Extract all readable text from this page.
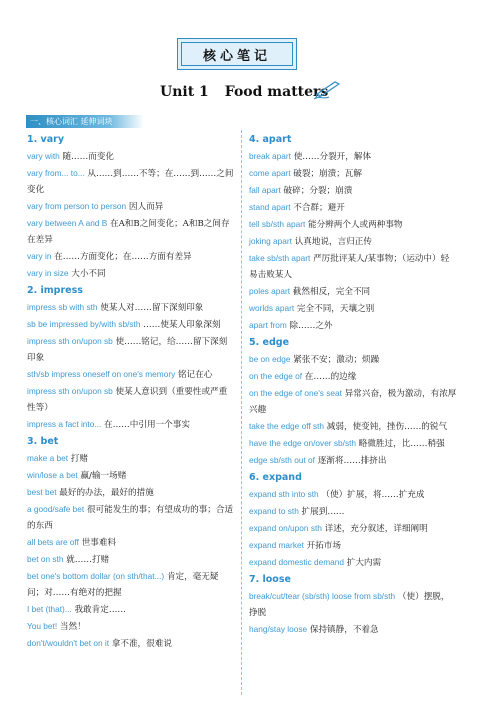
核心笔记
Unit 1 Food matters
一、核心词汇 延伸词块
1. vary
vary with 随……而变化
vary from... to... 从……到……不等；在……到……之间变化
vary from person to person 因人而异
vary between A and B 在A和B之间变化；A和B之间存在差异
vary in 在……方面变化；在……方面有差异
vary in size 大小不同
2. impress
impress sb with sth 使某人对……留下深刻印象
sb be impressed by/with sb/sth ……使某人印象深刻
impress sth on/upon sb 使……铭记，给……留下深刻印象
sth/sb impress oneself on one's memory 铭记在心
impress sth on/upon sb 使某人意识到（重要性或严重性等）
impress a fact into... 在……中引用一个事实
3. bet
make a bet 打赌
win/lose a bet 赢/输一场赌
best bet 最好的办法，最好的措施
a good/safe bet 很可能发生的事；有望成功的事；合适的东西
all bets are off 世事难料
bet on sth 就……打赌
bet one's bottom dollar (on sth/that...) 肯定，毫无疑问；对……有绝对的把握
I bet (that)... 我敢肯定……
You bet! 当然！
don't/wouldn't bet on it 拿不准，很难说
4. apart
break apart 使……分裂开，解体
come apart 破裂；崩溃；瓦解
fall apart 破碎；分裂；崩溃
stand apart 不合群；避开
tell sb/sth apart 能分辨两个人或两种事物
joking apart 认真地说，言归正传
take sb/sth apart 严厉批评某人/某事物；（运动中）轻易击败某人
poles apart 截然相反，完全不同
worlds apart 完全不同，天壤之别
apart from 除……之外
5. edge
be on edge 紧张不安；激动；烦躁
on the edge of 在……的边缘
on the edge of one's seat 异常兴奋，极为激动，有浓厚兴趣
take the edge off sth 减弱，使变钝，挫伤……的锐气
have the edge on/over sb/sth 略微胜过，比……稍强
edge sb/sth out of 逐渐将……排挤出
6. expand
expand sth into sth （使）扩展，将……扩充成
expand to sth 扩展到……
expand on/upon sth 详述，充分叙述，详细阐明
expand market 开拓市场
expand domestic demand 扩大内需
7. loose
break/cut/tear (sb/sth) loose from sb/sth （使）摆脱，挣脱
hang/stay loose 保持镇静，不着急
